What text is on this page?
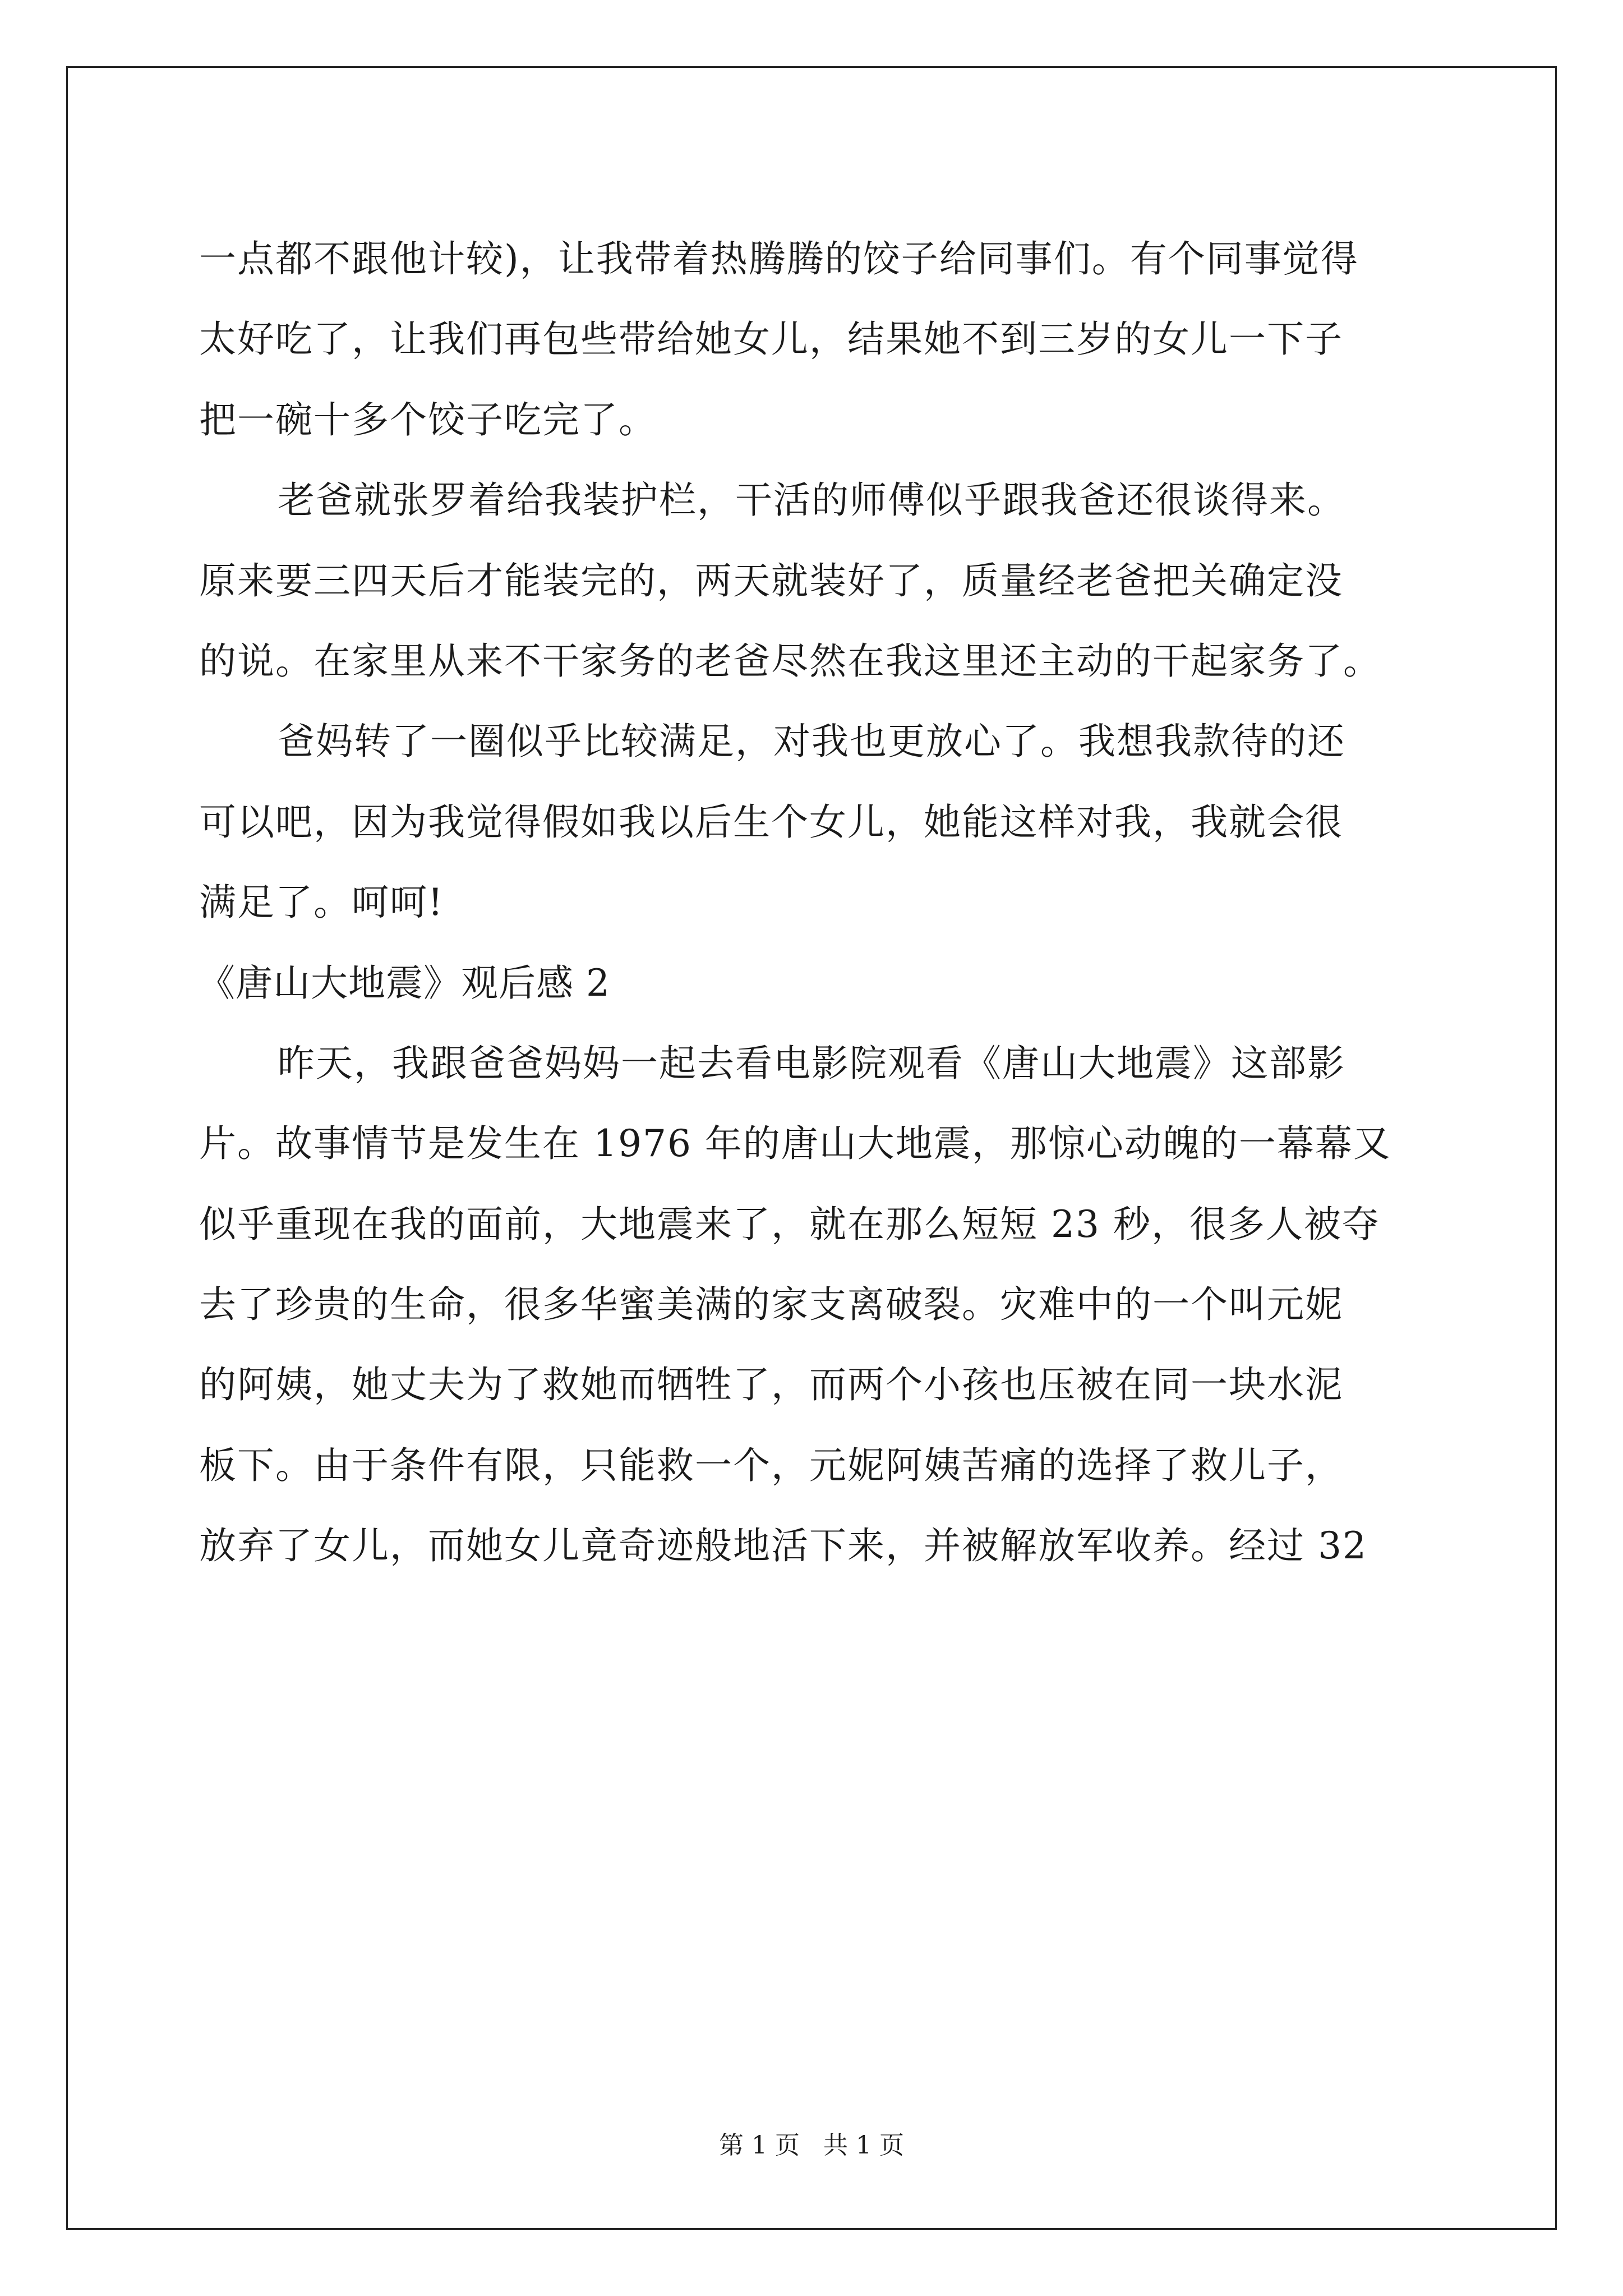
一点都不跟他计较)，让我带着热腾腾的饺子给同事们。有个同事觉得
太好吃了，让我们再包些带给她女儿，结果她不到三岁的女儿一下子
把一碗十多个饺子吃完了。
老爸就张罗着给我装护栏，干活的师傅似乎跟我爸还很谈得来。
原来要三四天后才能装完的，两天就装好了，质量经老爸把关确定没
的说。在家里从来不干家务的老爸尽然在我这里还主动的干起家务了。
爸妈转了一圈似乎比较满足，对我也更放心了。我想我款待的还
可以吧，因为我觉得假如我以后生个女儿，她能这样对我，我就会很
满足了。呵呵!
《唐山大地震》观后感 2
昨天，我跟爸爸妈妈一起去看电影院观看《唐山大地震》这部影
片。故事情节是发生在 1976 年的唐山大地震，那惊心动魄的一幕幕又
似乎重现在我的面前，大地震来了，就在那么短短 23 秒，很多人被夺
去了珍贵的生命，很多华蜜美满的家支离破裂。灾难中的一个叫元妮
的阿姨，她丈夫为了救她而牺牲了，而两个小孩也压被在同一块水泥
板下。由于条件有限，只能救一个，元妮阿姨苦痛的选择了救儿子，
放弃了女儿，而她女儿竟奇迹般地活下来，并被解放军收养。经过 32
第 1 页   共 1 页
